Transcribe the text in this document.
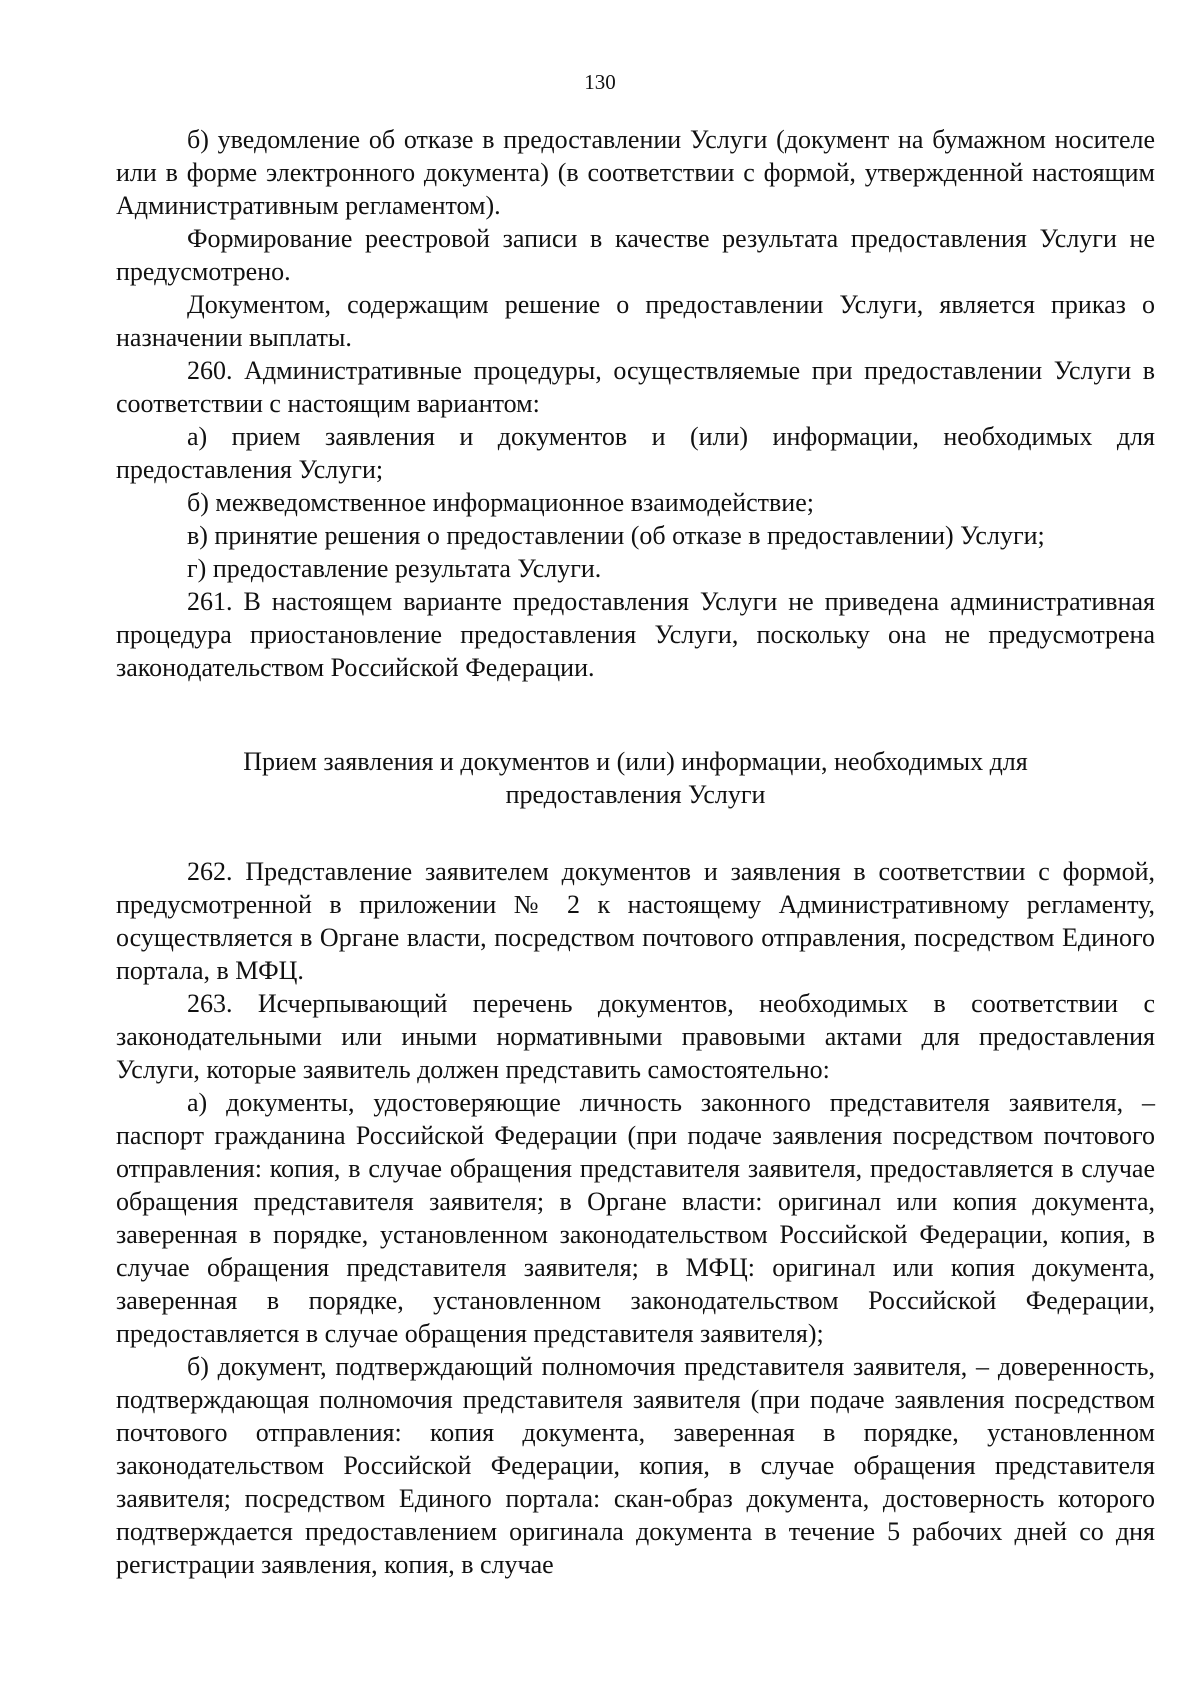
130

б) уведомление об отказе в предоставлении Услуги (документ на бумажном носителе или в форме электронного документа) (в соответствии с формой, утвержденной настоящим Административным регламентом).

Формирование реестровой записи в качестве результата предоставления Услуги не предусмотрено.

Документом, содержащим решение о предоставлении Услуги, является приказ о назначении выплаты.

260. Административные процедуры, осуществляемые при предоставлении Услуги в соответствии с настоящим вариантом:

а) прием заявления и документов и (или) информации, необходимых для предоставления Услуги;

б) межведомственное информационное взаимодействие;

в) принятие решения о предоставлении (об отказе в предоставлении) Услуги;

г) предоставление результата Услуги.

261. В настоящем варианте предоставления Услуги не приведена административная процедура приостановление предоставления Услуги, поскольку она не предусмотрена законодательством Российской Федерации.

Прием заявления и документов и (или) информации, необходимых для предоставления Услуги

262. Представление заявителем документов и заявления в соответствии с формой, предусмотренной в приложении № 2 к настоящему Административному регламенту, осуществляется в Органе власти, посредством почтового отправления, посредством Единого портала, в МФЦ.

263. Исчерпывающий перечень документов, необходимых в соответствии с законодательными или иными нормативными правовыми актами для предоставления Услуги, которые заявитель должен представить самостоятельно:

а) документы, удостоверяющие личность законного представителя заявителя, – паспорт гражданина Российской Федерации (при подаче заявления посредством почтового отправления: копия, в случае обращения представителя заявителя, предоставляется в случае обращения представителя заявителя; в Органе власти: оригинал или копия документа, заверенная в порядке, установленном законодательством Российской Федерации, копия, в случае обращения представителя заявителя; в МФЦ: оригинал или копия документа, заверенная в порядке, установленном законодательством Российской Федерации, предоставляется в случае обращения представителя заявителя);

б) документ, подтверждающий полномочия представителя заявителя, – доверенность, подтверждающая полномочия представителя заявителя (при подаче заявления посредством почтового отправления: копия документа, заверенная в порядке, установленном законодательством Российской Федерации, копия, в случае обращения представителя заявителя; посредством Единого портала: скан-образ документа, достоверность которого подтверждается предоставлением оригинала документа в течение 5 рабочих дней со дня регистрации заявления, копия, в случае
